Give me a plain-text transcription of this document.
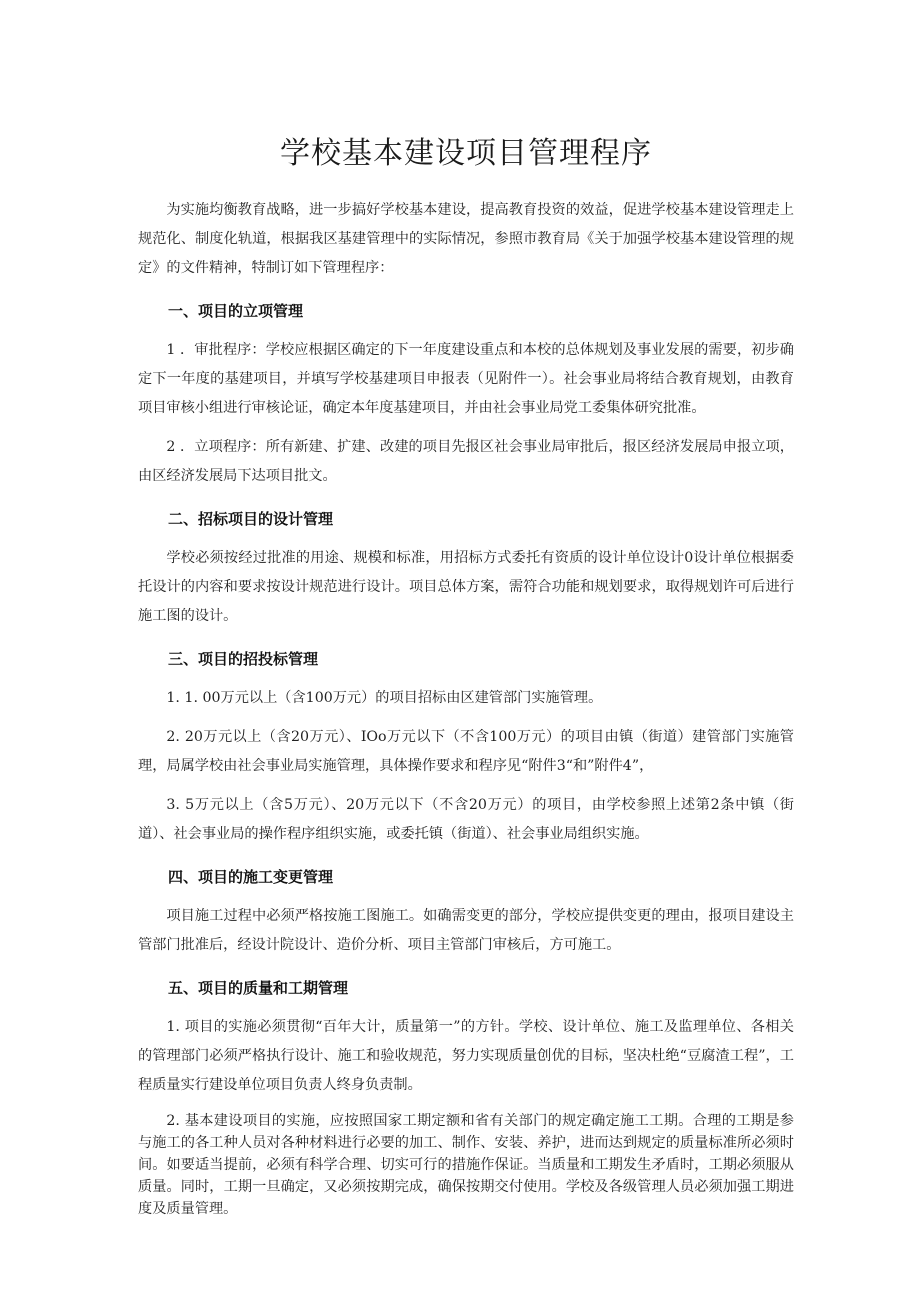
学校基本建设项目管理程序

为实施均衡教育战略，进一步搞好学校基本建设，提高教育投资的效益，促进学校基本建设管理走上规范化、制度化轨道，根据我区基建管理中的实际情况，参照市教育局《关于加强学校基本建设管理的规定》的文件精神，特制订如下管理程序：

一、项目的立项管理

1 ．审批程序：学校应根据区确定的下一年度建设重点和本校的总体规划及事业发展的需要，初步确定下一年度的基建项目，并填写学校基建项目申报表（见附件一）。社会事业局将结合教育规划，由教育项目审核小组进行审核论证，确定本年度基建项目，并由社会事业局党工委集体研究批准。

2 ．立项程序：所有新建、扩建、改建的项目先报区社会事业局审批后，报区经济发展局申报立项，由区经济发展局下达项目批文。

二、招标项目的设计管理

学校必须按经过批准的用途、规模和标准，用招标方式委托有资质的设计单位设计0设计单位根据委托设计的内容和要求按设计规范进行设计。项目总体方案，需符合功能和规划要求，取得规划许可后进行施工图的设计。

三、项目的招投标管理

1. 1. 00万元以上（含100万元）的项目招标由区建管部门实施管理。

2. 20万元以上（含20万元）、IOo万元以下（不含100万元）的项目由镇（街道）建管部门实施管理，局属学校由社会事业局实施管理，具体操作要求和程序见“附件3“和”附件4”，

3. 5万元以上（含5万元）、20万元以下（不含20万元）的项目，由学校参照上述第2条中镇（街道）、社会事业局的操作程序组织实施，或委托镇（街道）、社会事业局组织实施。

四、项目的施工变更管理

项目施工过程中必须严格按施工图施工。如确需变更的部分，学校应提供变更的理由，报项目建设主管部门批准后，经设计院设计、造价分析、项目主管部门审核后，方可施工。

五、项目的质量和工期管理

1. 项目的实施必须贯彻“百年大计，质量第一”的方针。学校、设计单位、施工及监理单位、各相关的管理部门必须严格执行设计、施工和验收规范，努力实现质量创优的目标，坚决杜绝“豆腐渣工程”，工程质量实行建设单位项目负责人终身负责制。

2. 基本建设项目的实施，应按照国家工期定额和省有关部门的规定确定施工工期。合理的工期是参与施工的各工种人员对各种材料进行必要的加工、制作、安装、养护，进而达到规定的质量标准所必须时间。如要适当提前，必须有科学合理、切实可行的措施作保证。当质量和工期发生矛盾时，工期必须服从质量。同时，工期一旦确定，又必须按期完成，确保按期交付使用。学校及各级管理人员必须加强工期进度及质量管理。
